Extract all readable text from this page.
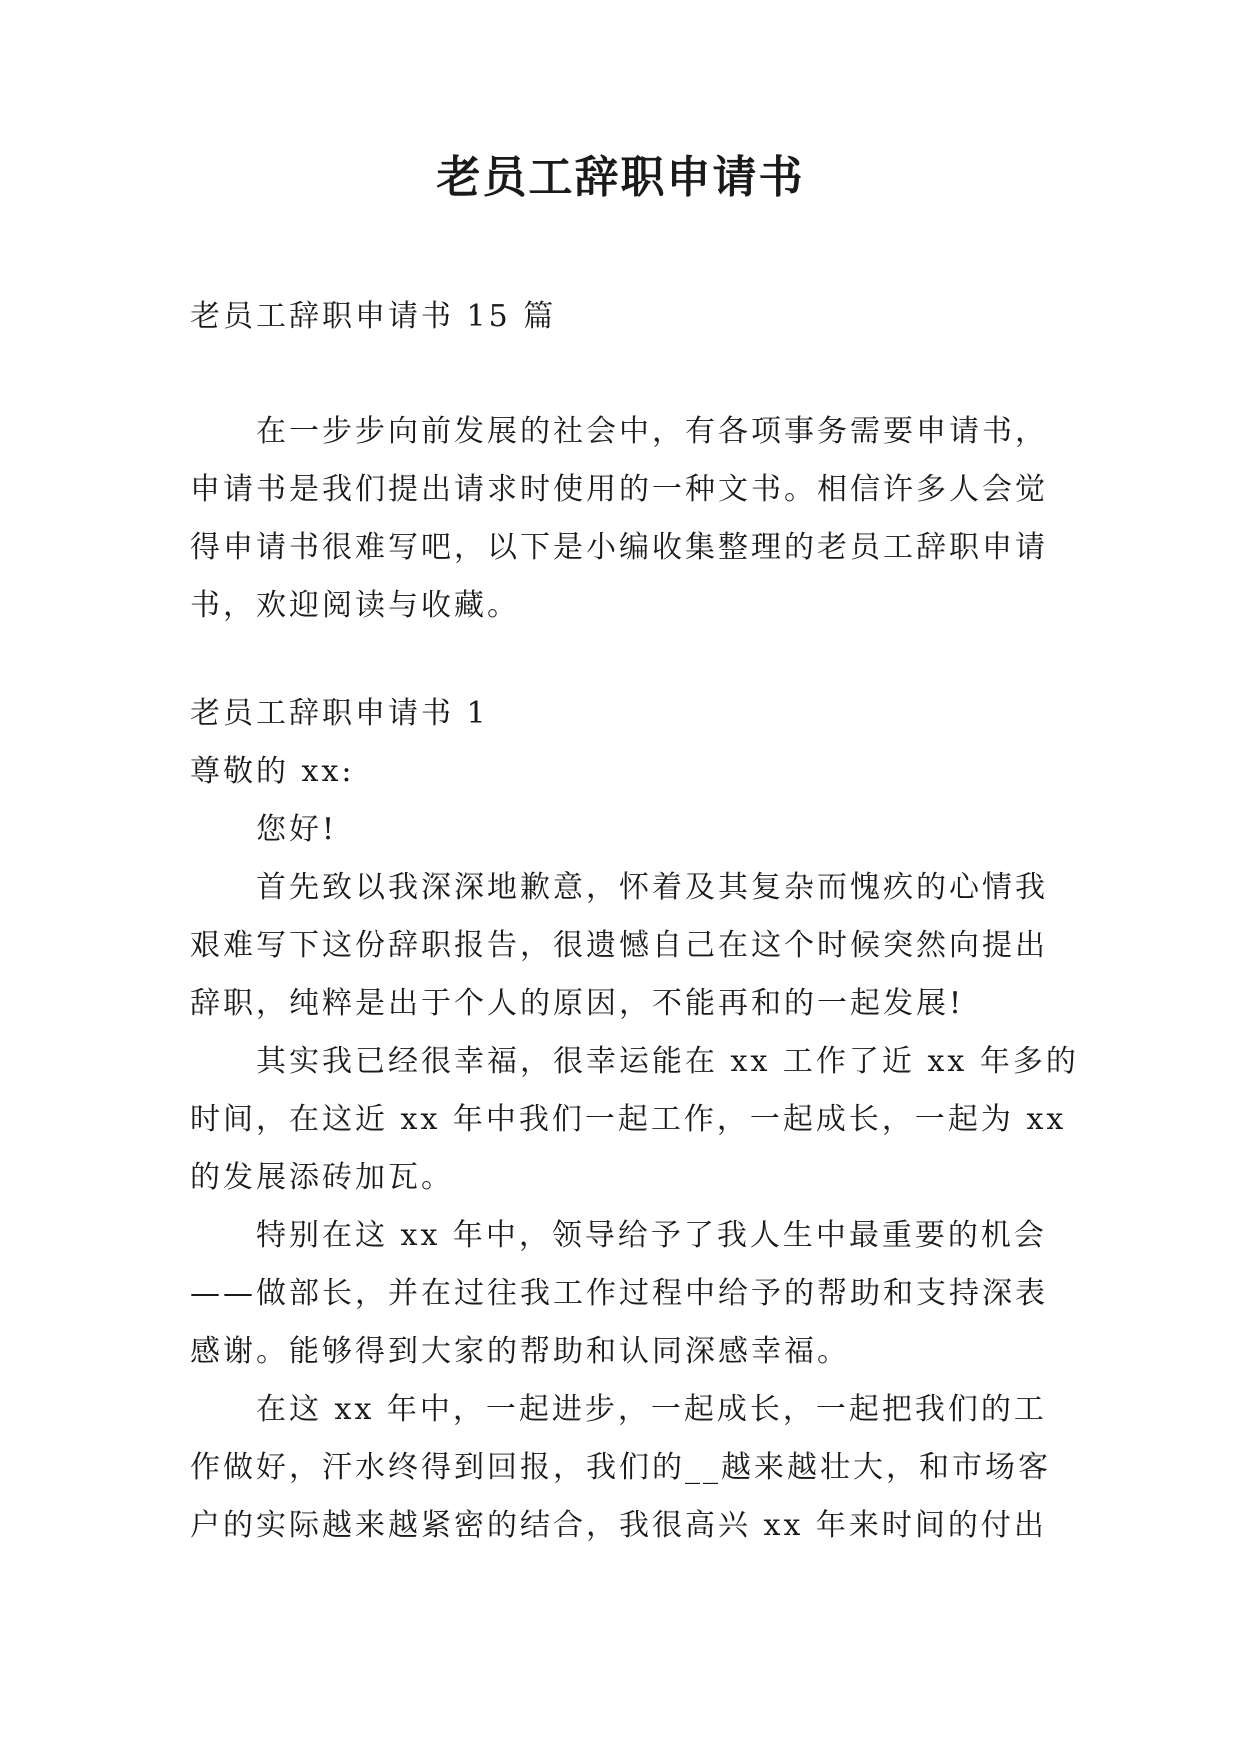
老员工辞职申请书
老员工辞职申请书 15 篇
在一步步向前发展的社会中，有各项事务需要申请书，
申请书是我们提出请求时使用的一种文书。相信许多人会觉
得申请书很难写吧，以下是小编收集整理的老员工辞职申请
书，欢迎阅读与收藏。
老员工辞职申请书 1
尊敬的 xx:
您好!
首先致以我深深地歉意，怀着及其复杂而愧疚的心情我
艰难写下这份辞职报告，很遗憾自己在这个时候突然向提出
辞职，纯粹是出于个人的原因，不能再和的一起发展!
其实我已经很幸福，很幸运能在 xx 工作了近 xx 年多的
时间，在这近 xx 年中我们一起工作，一起成长，一起为 xx
的发展添砖加瓦。
特别在这 xx 年中，领导给予了我人生中最重要的机会
——做部长，并在过往我工作过程中给予的帮助和支持深表
感谢。能够得到大家的帮助和认同深感幸福。
在这 xx 年中，一起进步，一起成长，一起把我们的工
作做好，汗水终得到回报，我们的__越来越壮大，和市场客
户的实际越来越紧密的结合，我很高兴 xx 年来时间的付出
